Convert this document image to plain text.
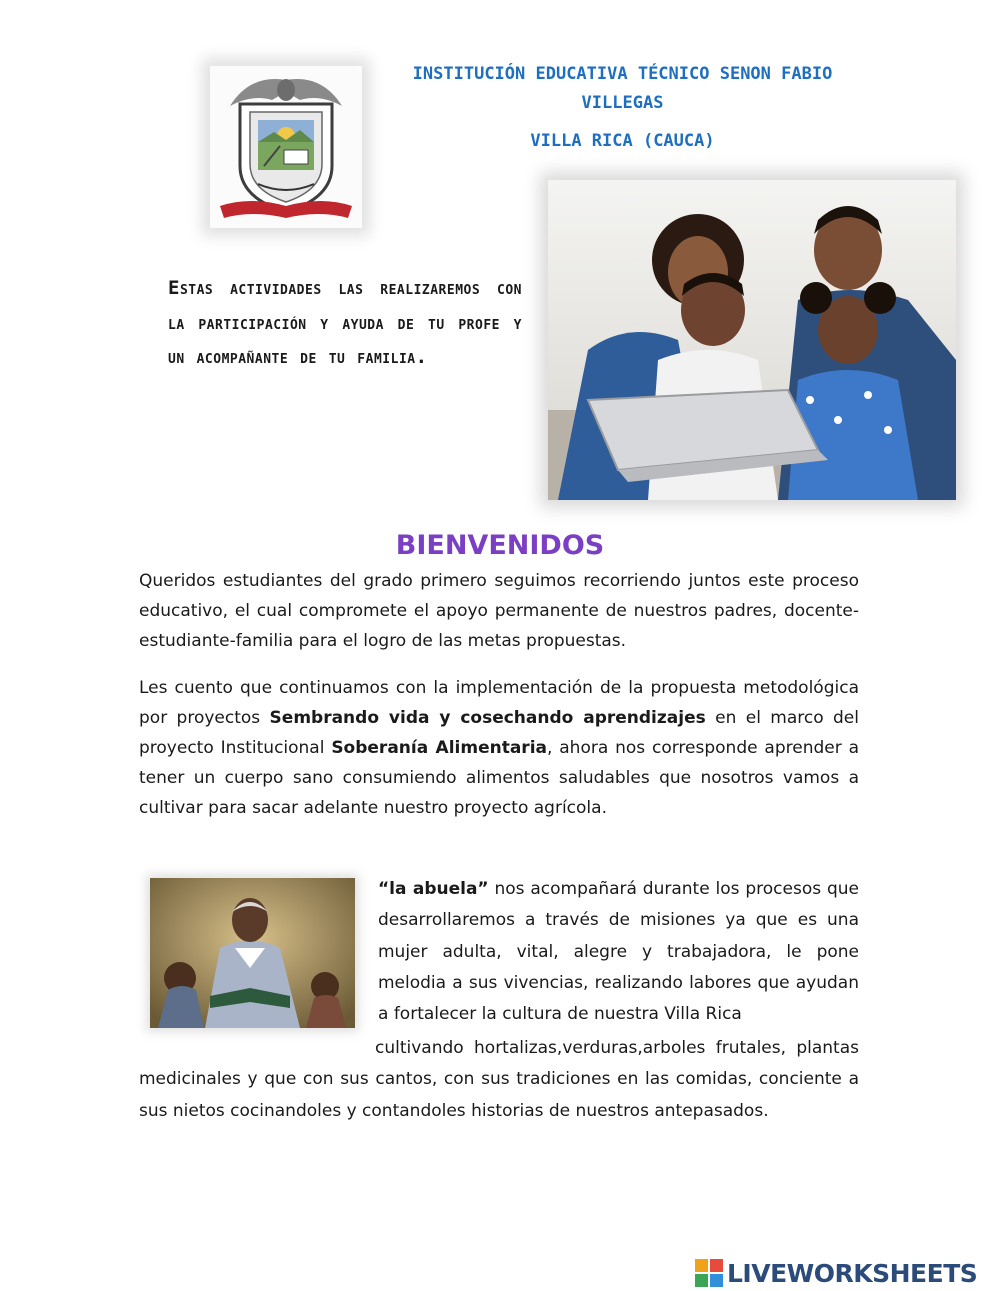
INSTITUCIÓN EDUCATIVA TÉCNICO SENON FABIO VILLEGAS
VILLA RICA (CAUCA)
Estas actividades las realizaremos con la participación y ayuda de tu profe y un acompañante de tu familia.
BIENVENIDOS
Queridos estudiantes del grado primero seguimos recorriendo juntos este proceso educativo, el cual compromete el apoyo permanente de nuestros padres, docente-estudiante-familia para el logro de las metas propuestas.
Les cuento que continuamos con la implementación de la propuesta metodológica por proyectos Sembrando vida y cosechando aprendizajes en el marco del proyecto Institucional Soberanía Alimentaria, ahora nos corresponde aprender a tener un cuerpo sano consumiendo alimentos saludables que nosotros vamos a cultivar para sacar adelante nuestro proyecto agrícola.
“la abuela” nos acompañará durante los procesos que desarrollaremos a través de misiones ya que es una mujer adulta, vital, alegre y trabajadora, le pone melodia a sus vivencias, realizando labores que ayudan a fortalecer la cultura de nuestra Villa Rica
cultivando hortalizas,verduras,arboles frutales, plantas medicinales y que con sus cantos, con sus tradiciones en las comidas, conciente a sus nietos cocinandoles y contandoles historias de nuestros antepasados.
LIVEWORKSHEETS
